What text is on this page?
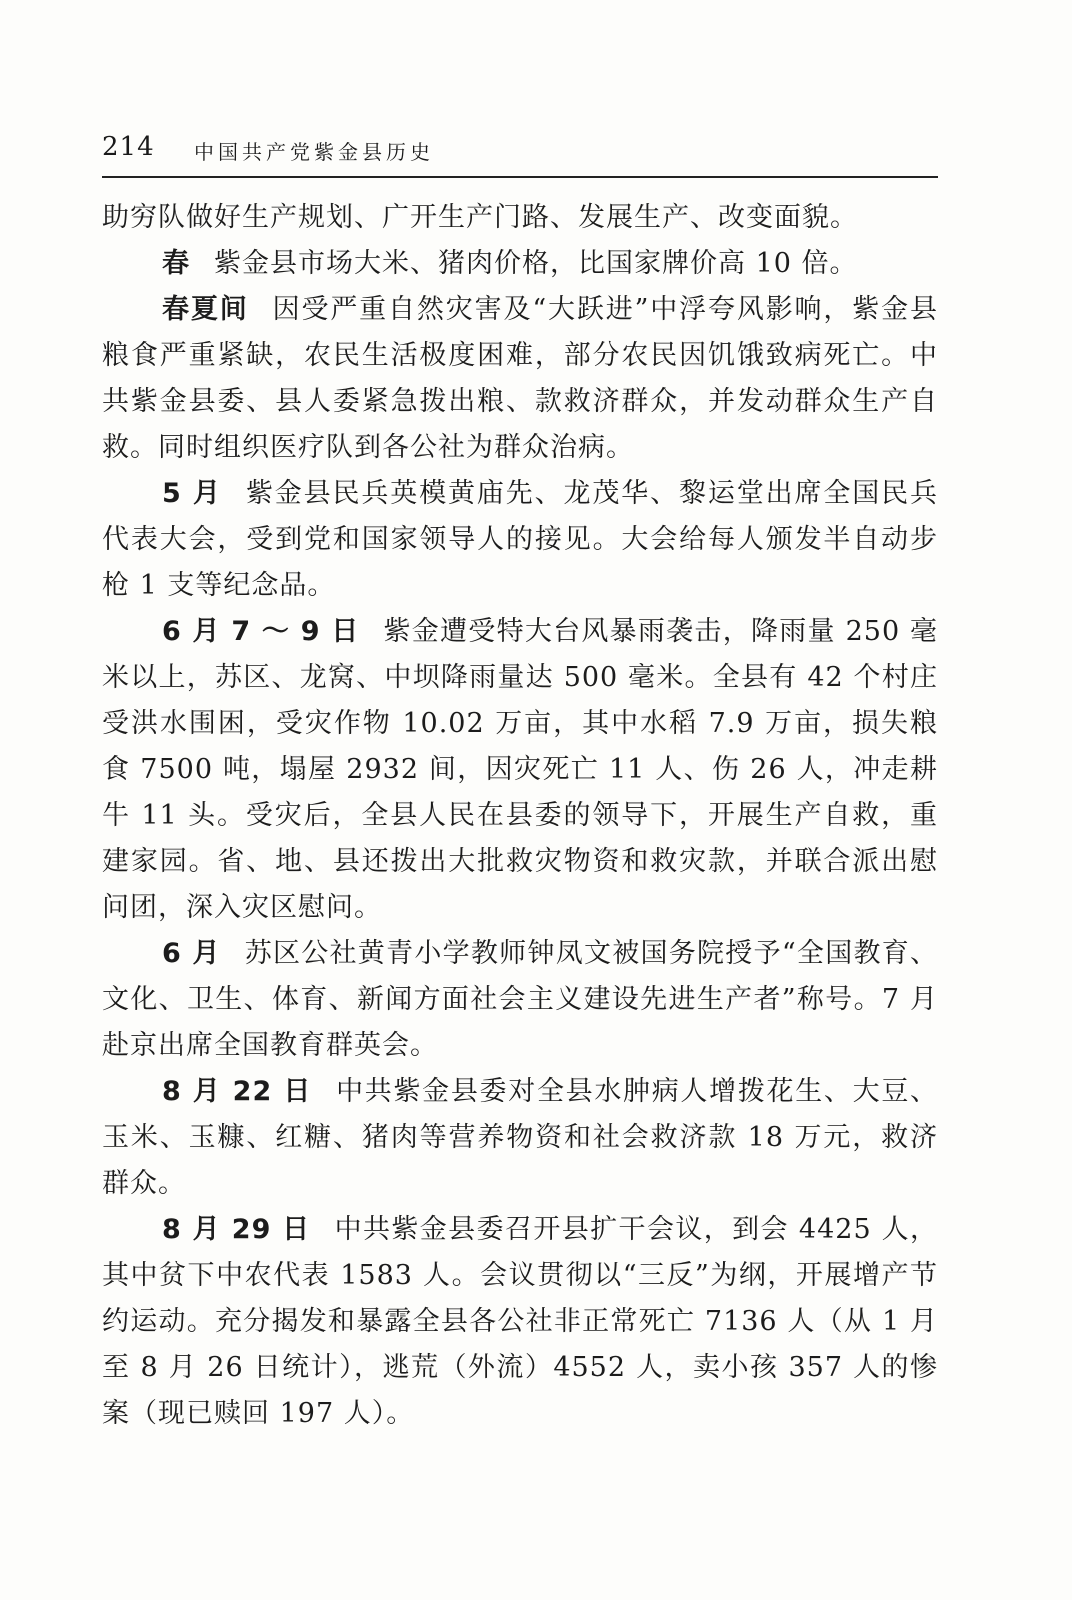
214 中国共产党紫金县历史

助穷队做好生产规划、广开生产门路、发展生产、改变面貌。

春 紫金县市场大米、猪肉价格，比国家牌价高 10 倍。

春夏间 因受严重自然灾害及“大跃进”中浮夸风影响，紫金县粮食严重紧缺，农民生活极度困难，部分农民因饥饿致病死亡。中共紫金县委、县人委紧急拨出粮、款救济群众，并发动群众生产自救。同时组织医疗队到各公社为群众治病。

5 月 紫金县民兵英模黄庙先、龙茂华、黎运堂出席全国民兵代表大会，受到党和国家领导人的接见。大会给每人颁发半自动步枪 1 支等纪念品。

6 月 7 ～ 9 日 紫金遭受特大台风暴雨袭击，降雨量 250 毫米以上，苏区、龙窝、中坝降雨量达 500 毫米。全县有 42 个村庄受洪水围困，受灾作物 10.02 万亩，其中水稻 7.9 万亩，损失粮食 7500 吨，塌屋 2932 间，因灾死亡 11 人、伤 26 人，冲走耕牛 11 头。受灾后，全县人民在县委的领导下，开展生产自救，重建家园。省、地、县还拨出大批救灾物资和救灾款，并联合派出慰问团，深入灾区慰问。

6 月 苏区公社黄青小学教师钟凤文被国务院授予“全国教育、文化、卫生、体育、新闻方面社会主义建设先进生产者”称号。7 月赴京出席全国教育群英会。

8 月 22 日 中共紫金县委对全县水肿病人增拨花生、大豆、玉米、玉糠、红糖、猪肉等营养物资和社会救济款 18 万元，救济群众。

8 月 29 日 中共紫金县委召开县扩干会议，到会 4425 人，其中贫下中农代表 1583 人。会议贯彻以“三反”为纲，开展增产节约运动。充分揭发和暴露全县各公社非正常死亡 7136 人（从 1 月至 8 月 26 日统计），逃荒（外流）4552 人，卖小孩 357 人的惨案（现已赎回 197 人）。
